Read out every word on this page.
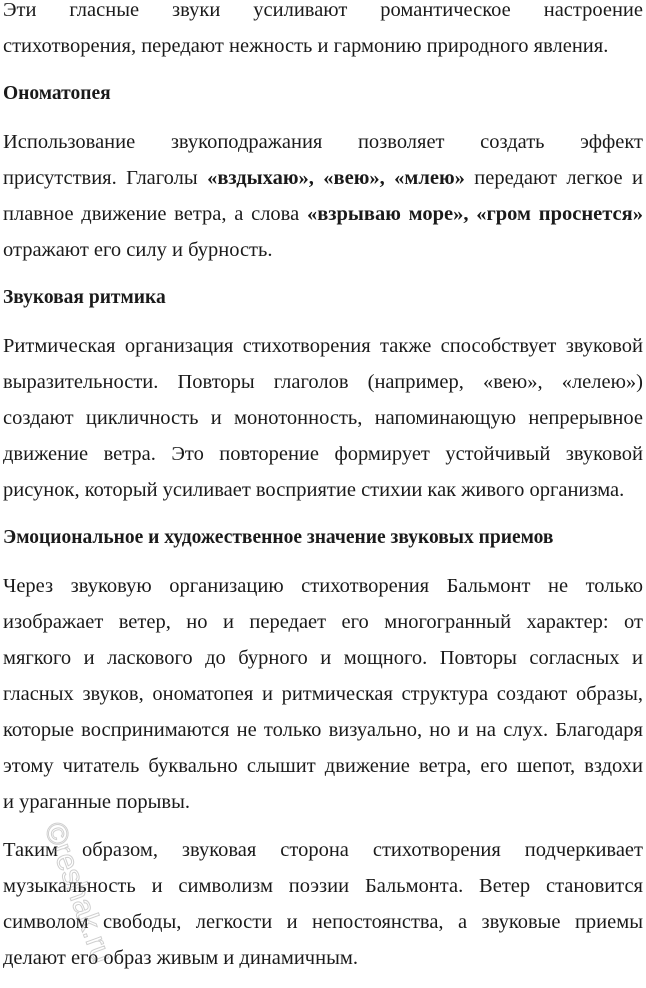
Эти гласные звуки усиливают романтическое настроение
стихотворения, передают нежность и гармонию природного явления.
Ономатопея
Использование звукоподражания позволяет создать эффект
присутствия. Глаголы «вздыхаю», «вею», «млею» передают легкое и
плавное движение ветра, а слова «взрываю море», «гром проснется»
отражают его силу и бурность.
Звуковая ритмика
Ритмическая организация стихотворения также способствует звуковой
выразительности. Повторы глаголов (например, «вею», «лелею»)
создают цикличность и монотонность, напоминающую непрерывное
движение ветра. Это повторение формирует устойчивый звуковой
рисунок, который усиливает восприятие стихии как живого организма.
Эмоциональное и художественное значение звуковых приемов
Через звуковую организацию стихотворения Бальмонт не только
изображает ветер, но и передает его многогранный характер: от
мягкого и ласкового до бурного и мощного. Повторы согласных и
гласных звуков, ономатопея и ритмическая структура создают образы,
которые воспринимаются не только визуально, но и на слух. Благодаря
этому читатель буквально слышит движение ветра, его шепот, вздохи
и ураганные порывы.
Таким образом, звуковая сторона стихотворения подчеркивает
музыкальность и символизм поэзии Бальмонта. Ветер становится
символом свободы, легкости и непостоянства, а звуковые приемы
делают его образ живым и динамичным.
©reshak.ru
